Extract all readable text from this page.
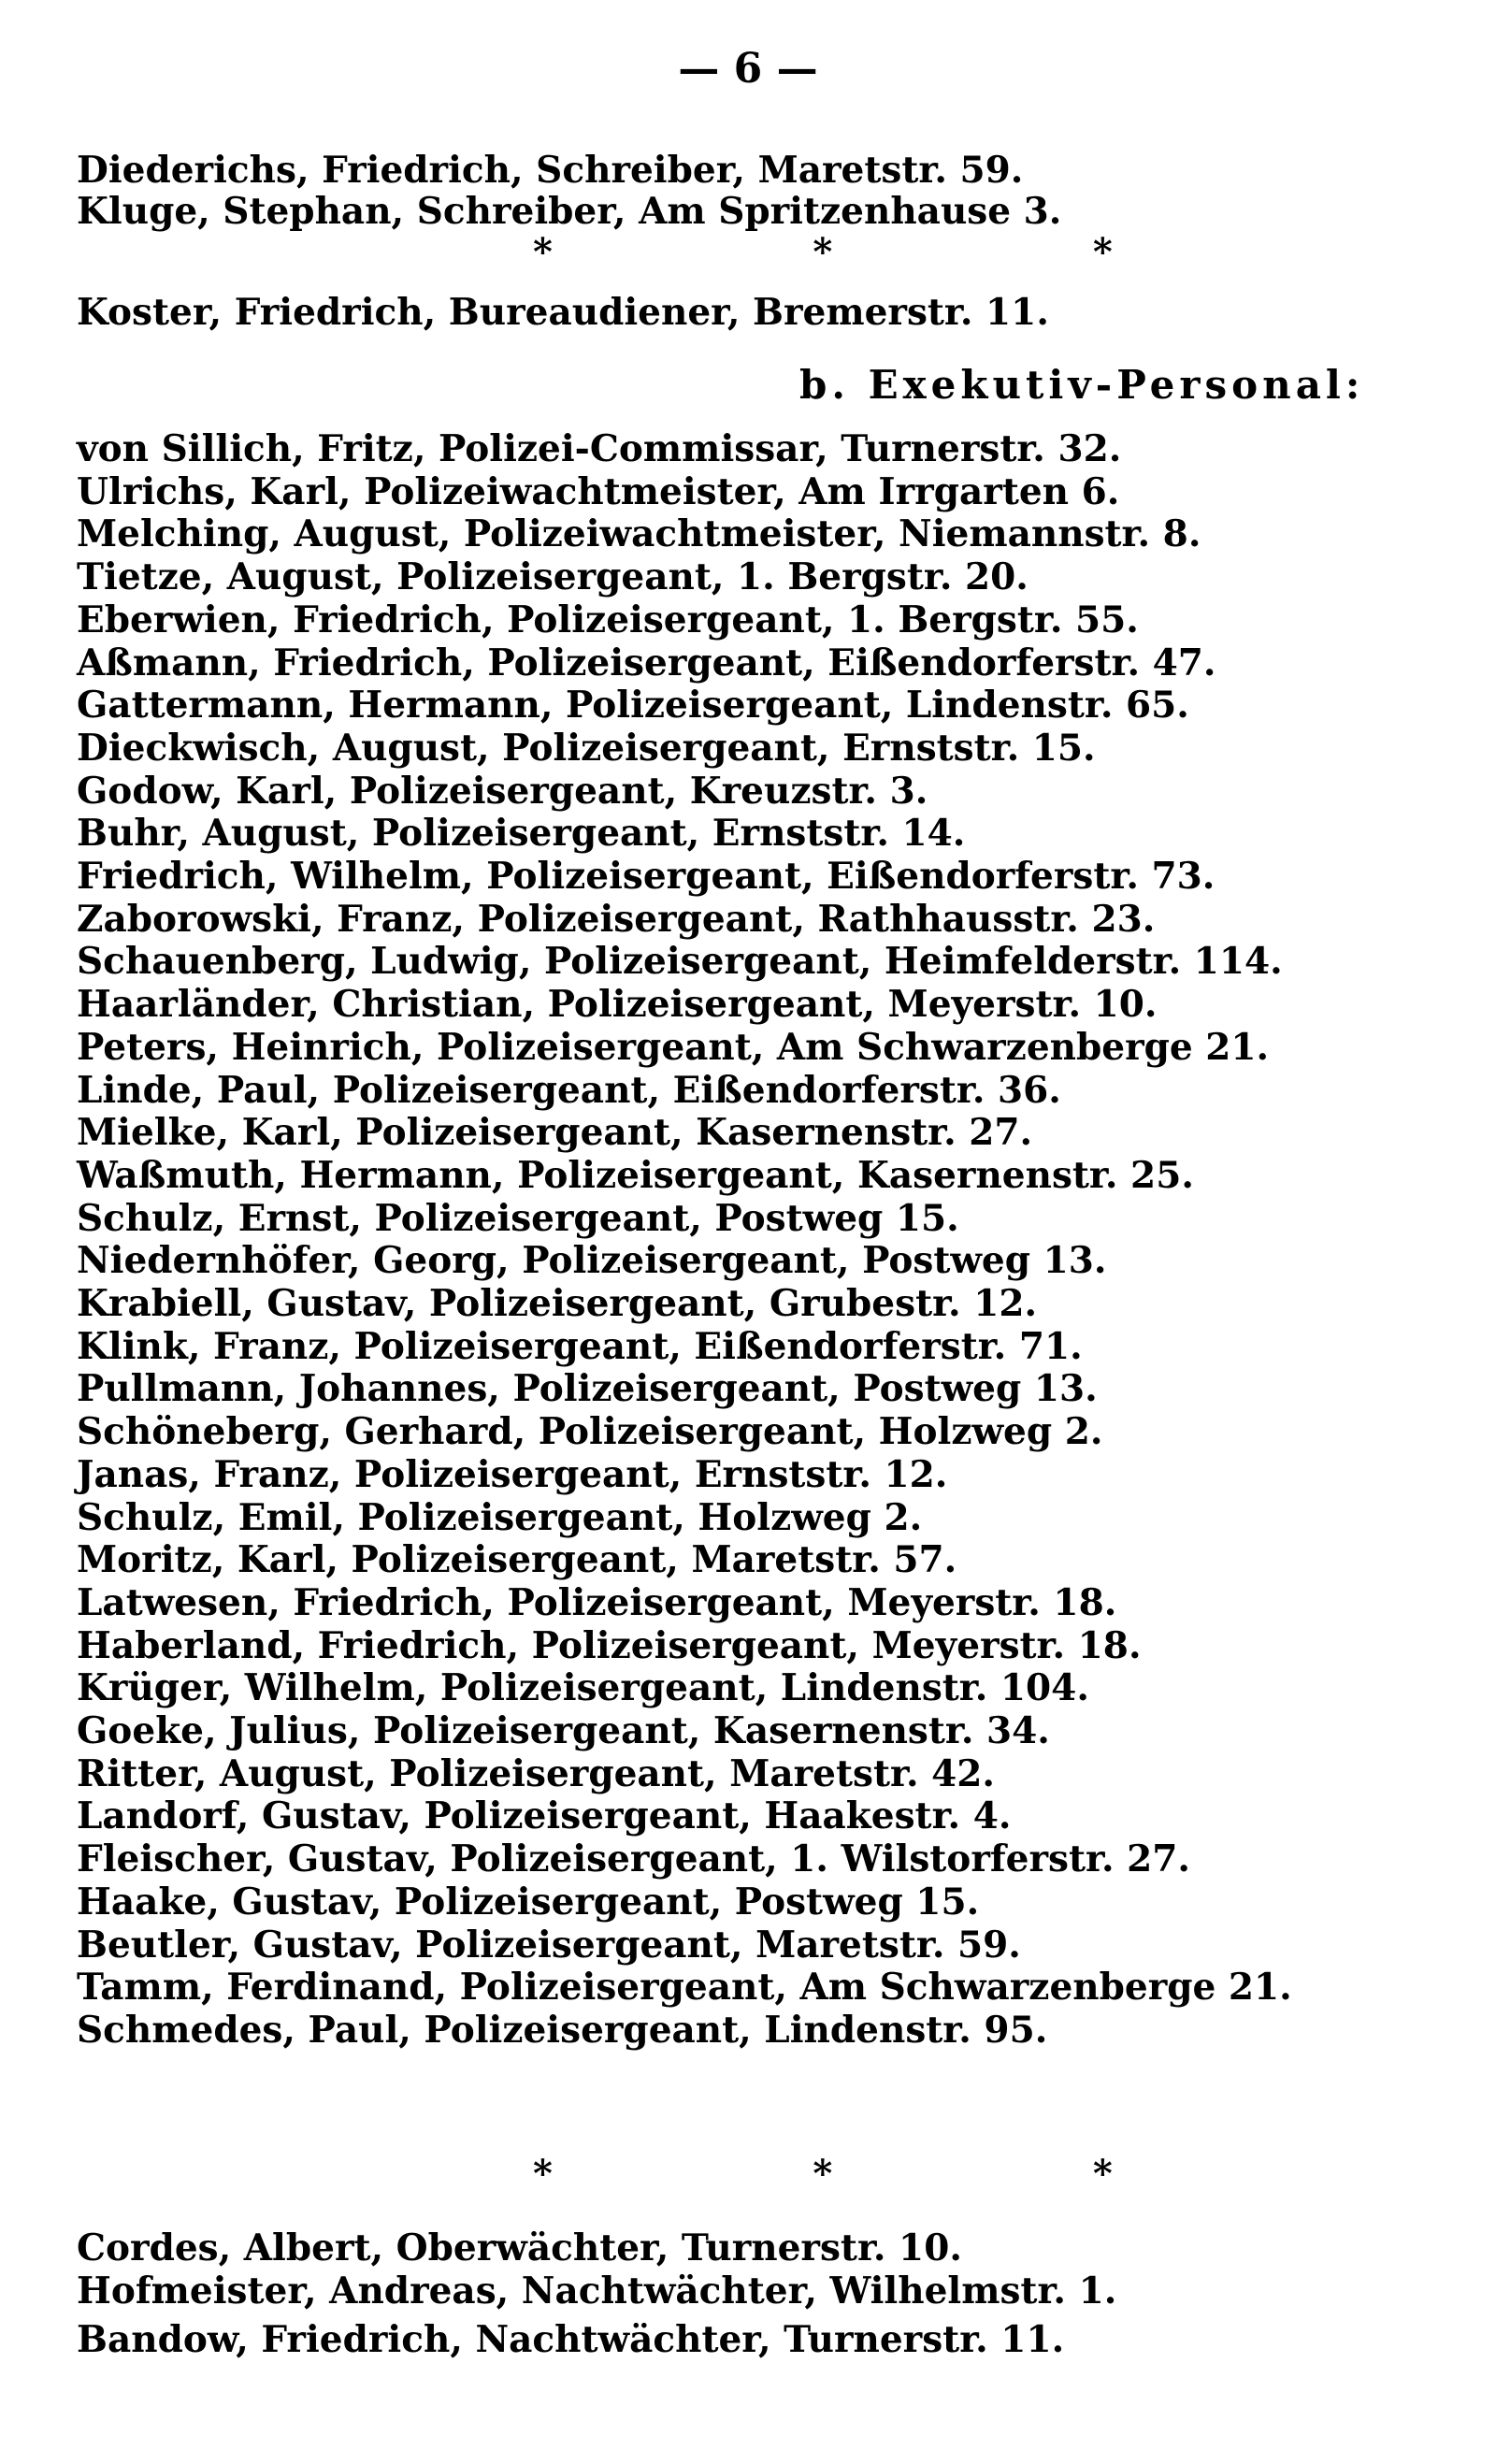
— 6 —
Diederichs, Friedrich, Schreiber, Maretstr. 59.
Kluge, Stephan, Schreiber, Am Spritzenhause 3.
*                    *                    *
Koster, Friedrich, Bureaudiener, Bremerstr. 11.
b. Exekutiv-Personal:
von Sillich, Fritz, Polizei-Commissar, Turnerstr. 32.
Ulrichs, Karl, Polizeiwachtmeister, Am Irrgarten 6.
Melching, August, Polizeiwachtmeister, Niemannstr. 8.
Tietze, August, Polizeisergeant, 1. Bergstr. 20.
Eberwien, Friedrich, Polizeisergeant, 1. Bergstr. 55.
Aßmann, Friedrich, Polizeisergeant, Eißendorferstr. 47.
Gattermann, Hermann, Polizeisergeant, Lindenstr. 65.
Dieckwisch, August, Polizeisergeant, Ernststr. 15.
Godow, Karl, Polizeisergeant, Kreuzstr. 3.
Buhr, August, Polizeisergeant, Ernststr. 14.
Friedrich, Wilhelm, Polizeisergeant, Eißendorferstr. 73.
Zaborowski, Franz, Polizeisergeant, Rathhausstr. 23.
Schauenberg, Ludwig, Polizeisergeant, Heimfelderstr. 114.
Haarländer, Christian, Polizeisergeant, Meyerstr. 10.
Peters, Heinrich, Polizeisergeant, Am Schwarzenberge 21.
Linde, Paul, Polizeisergeant, Eißendorferstr. 36.
Mielke, Karl, Polizeisergeant, Kasernenstr. 27.
Waßmuth, Hermann, Polizeisergeant, Kasernenstr. 25.
Schulz, Ernst, Polizeisergeant, Postweg 15.
Niedernhöfer, Georg, Polizeisergeant, Postweg 13.
Krabiell, Gustav, Polizeisergeant, Grubestr. 12.
Klink, Franz, Polizeisergeant, Eißendorferstr. 71.
Pullmann, Johannes, Polizeisergeant, Postweg 13.
Schöneberg, Gerhard, Polizeisergeant, Holzweg 2.
Janas, Franz, Polizeisergeant, Ernststr. 12.
Schulz, Emil, Polizeisergeant, Holzweg 2.
Moritz, Karl, Polizeisergeant, Maretstr. 57.
Latwesen, Friedrich, Polizeisergeant, Meyerstr. 18.
Haberland, Friedrich, Polizeisergeant, Meyerstr. 18.
Krüger, Wilhelm, Polizeisergeant, Lindenstr. 104.
Goeke, Julius, Polizeisergeant, Kasernenstr. 34.
Ritter, August, Polizeisergeant, Maretstr. 42.
Landorf, Gustav, Polizeisergeant, Haakestr. 4.
Fleischer, Gustav, Polizeisergeant, 1. Wilstorferstr. 27.
Haake, Gustav, Polizeisergeant, Postweg 15.
Beutler, Gustav, Polizeisergeant, Maretstr. 59.
Tamm, Ferdinand, Polizeisergeant, Am Schwarzenberge 21.
Schmedes, Paul, Polizeisergeant, Lindenstr. 95.
*                    *                    *
Cordes, Albert, Oberwächter, Turnerstr. 10.
Hofmeister, Andreas, Nachtwächter, Wilhelmstr. 1.
Bandow, Friedrich, Nachtwächter, Turnerstr. 11.
